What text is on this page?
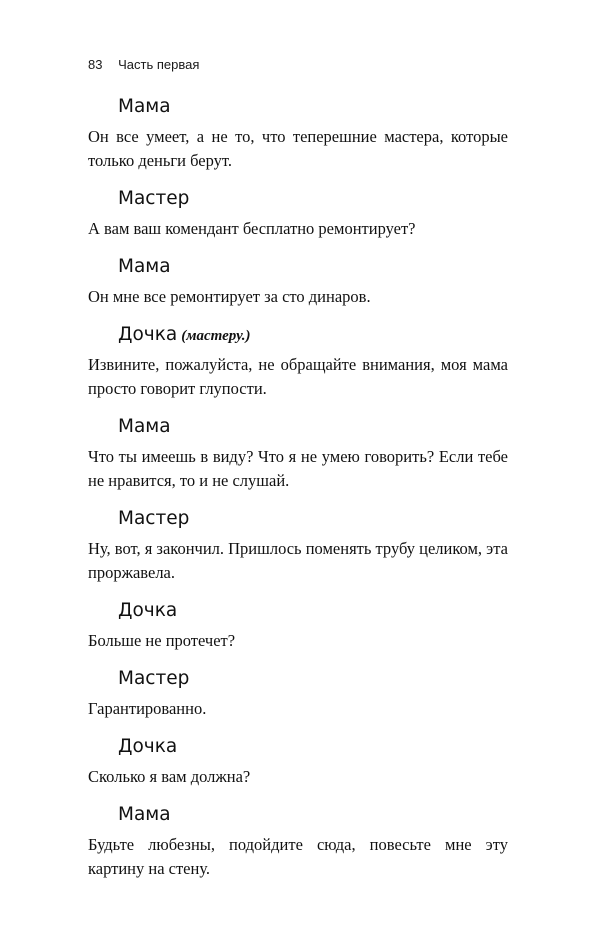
83 Часть первая
Мама
Он все умеет, а не то, что теперешние мастера, которые только деньги берут.
Мастер
А вам ваш комендант бесплатно ремонтирует?
Мама
Он мне все ремонтирует за сто динаров.
Дочка (мастеру.)
Извините, пожалуйста, не обращайте внимания, моя мама просто говорит глупости.
Мама
Что ты имеешь в виду? Что я не умею говорить? Если тебе не нравится, то и не слушай.
Мастер
Ну, вот, я закончил. Пришлось поменять трубу целиком, эта проржавела.
Дочка
Больше не протечет?
Мастер
Гарантированно.
Дочка
Сколько я вам должна?
Мама
Будьте любезны, подойдите сюда, повесьте мне эту картину на стену.
